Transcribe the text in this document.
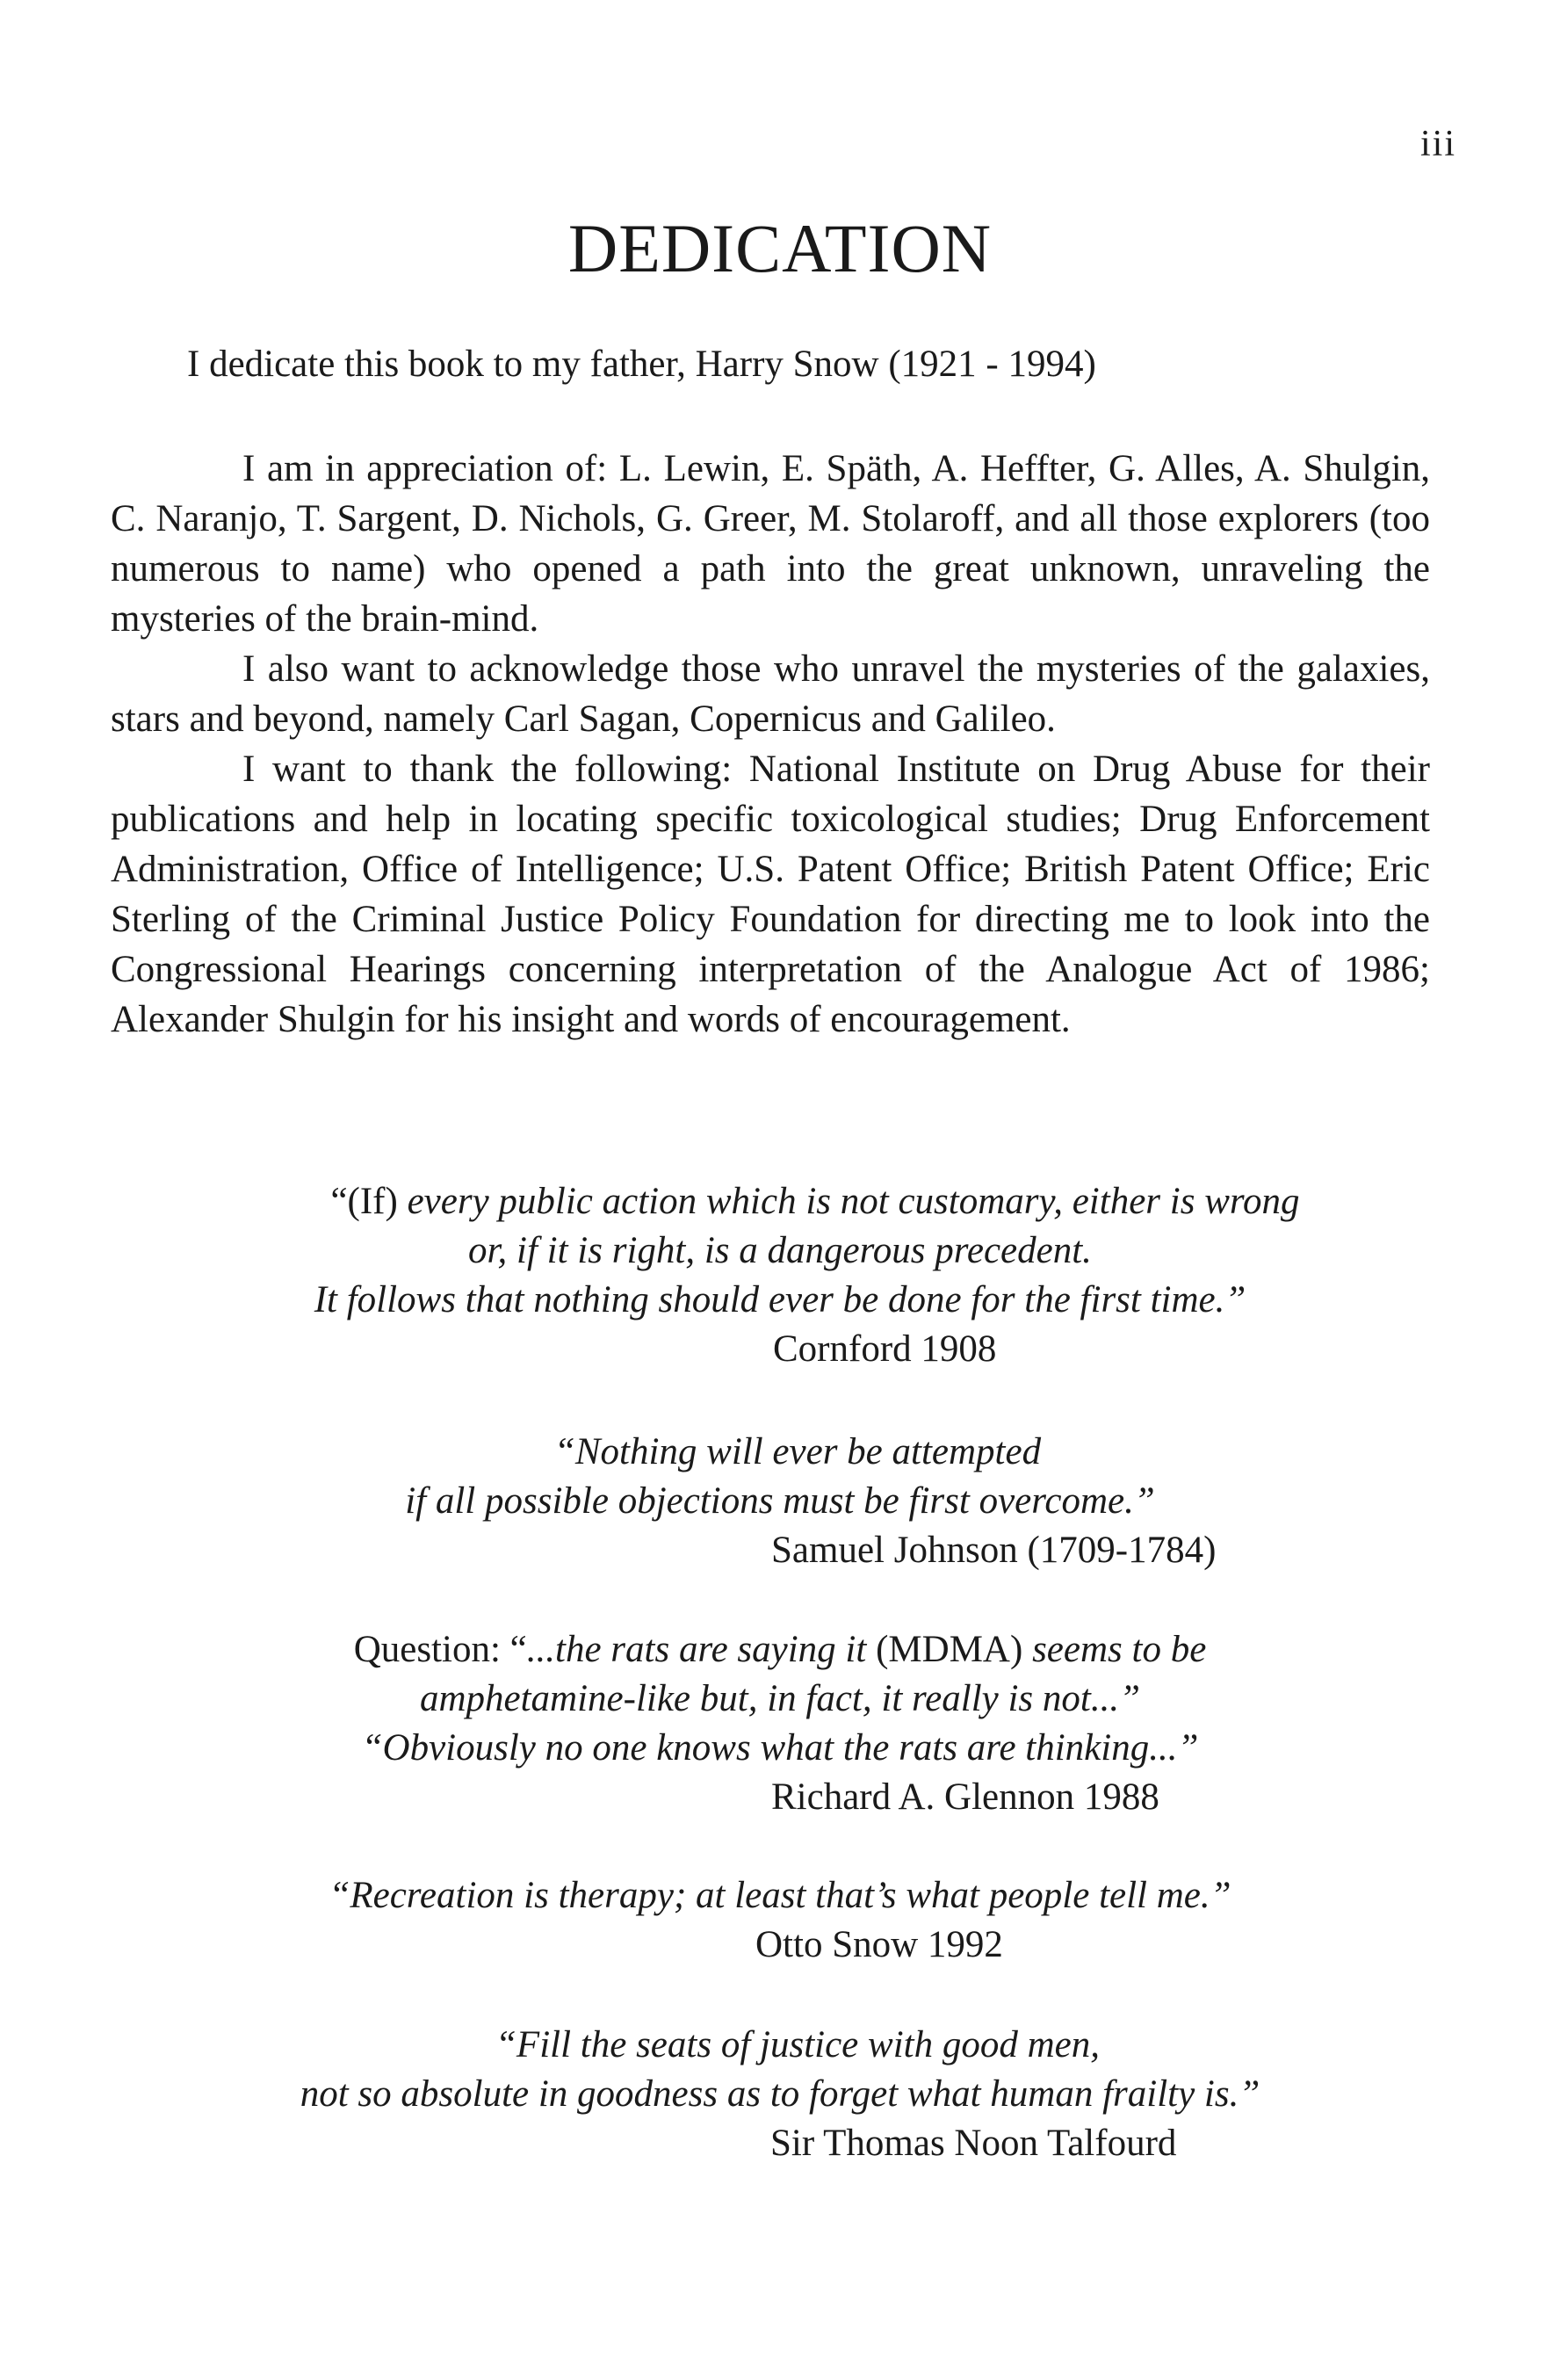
iii
DEDICATION

I dedicate this book to my father, Harry Snow (1921 - 1994)

I am in appreciation of: L. Lewin, E. Späth, A. Heffter, G. Alles, A. Shulgin, C. Naranjo, T. Sargent, D. Nichols, G. Greer, M. Stolaroff, and all those explorers (too numerous to name) who opened a path into the great unknown, unraveling the mysteries of the brain-mind.

I also want to acknowledge those who unravel the mysteries of the galaxies, stars and beyond, namely Carl Sagan, Copernicus and Galileo.

I want to thank the following: National Institute on Drug Abuse for their publications and help in locating specific toxicological studies; Drug Enforcement Administration, Office of Intelligence; U.S. Patent Office; British Patent Office; Eric Sterling of the Criminal Justice Policy Foundation for directing me to look into the Congressional Hearings concerning interpretation of the Analogue Act of 1986; Alexander Shulgin for his insight and words of encouragement.

“(If) every public action which is not customary, either is wrong
or, if it is right, is a dangerous precedent.
It follows that nothing should ever be done for the first time.”
Cornford 1908
“Nothing will ever be attempted
if all possible objections must be first overcome.”
Samuel Johnson (1709-1784)
Question: “...the rats are saying it (MDMA) seems to be
amphetamine-like but, in fact, it really is not...”
“Obviously no one knows what the rats are thinking...”
Richard A. Glennon 1988
“Recreation is therapy; at least that’s what people tell me.”
Otto Snow 1992
“Fill the seats of justice with good men,
not so absolute in goodness as to forget what human frailty is.”
Sir Thomas Noon Talfourd
